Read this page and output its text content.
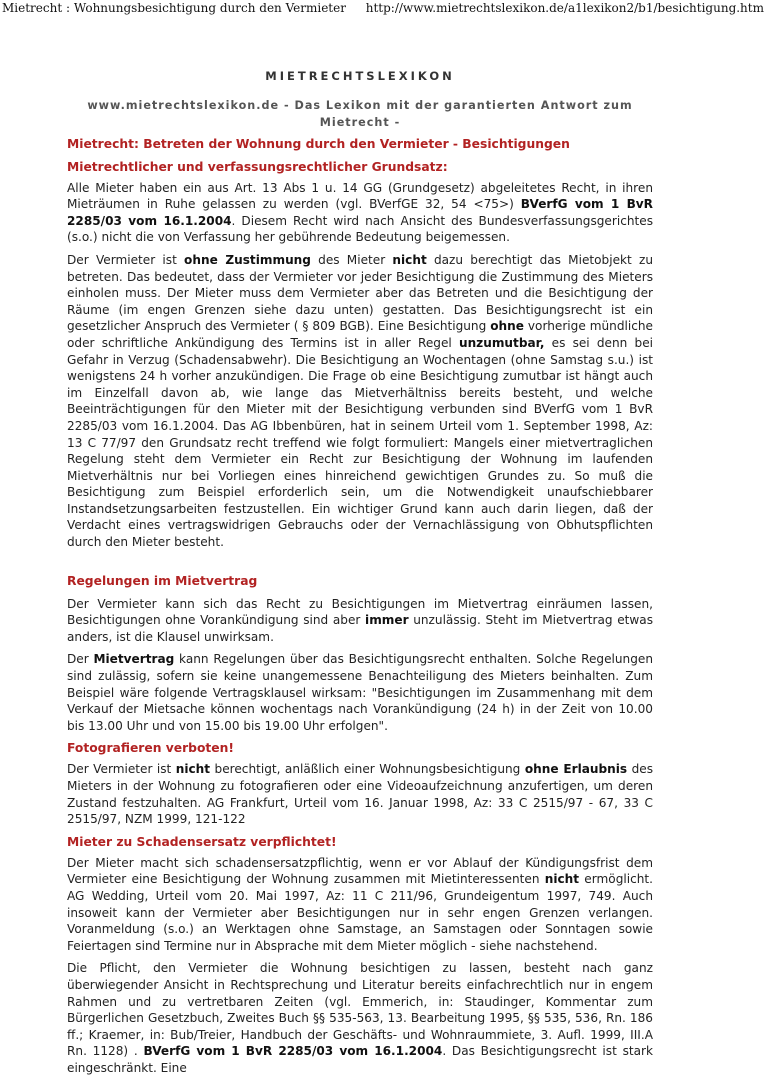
Mietrecht : Wohnungsbesichtigung durch den Vermieter http://www.mietrechtslexikon.de/a1lexikon2/b1/besichtigung.htm
MIETRECHTSLEXIKON
www.mietrechtslexikon.de - Das Lexikon mit der garantierten Antwort zum Mietrecht -
Mietrecht: Betreten der Wohnung durch den Vermieter - Besichtigungen
Mietrechtlicher und verfassungsrechtlicher Grundsatz:

Alle Mieter haben ein aus Art. 13 Abs 1 u. 14 GG (Grundgesetz) abgeleitetes Recht, in ihren Mieträumen in Ruhe gelassen zu werden (vgl. BVerfGE 32, 54 <75>) BVerfG vom 1 BvR 2285/03 vom 16.1.2004. Diesem Recht wird nach Ansicht des Bundesverfassungsgerichtes (s.o.) nicht die von Verfassung her gebührende Bedeutung beigemessen.

Der Vermieter ist ohne Zustimmung des Mieter nicht dazu berechtigt das Mietobjekt zu betreten. Das bedeutet, dass der Vermieter vor jeder Besichtigung die Zustimmung des Mieters einholen muss. Der Mieter muss dem Vermieter aber das Betreten und die Besichtigung der Räume (im engen Grenzen siehe dazu unten) gestatten. Das Besichtigungsrecht ist ein gesetzlicher Anspruch des Vermieter ( § 809 BGB). Eine Besichtigung ohne vorherige mündliche oder schriftliche Ankündigung des Termins ist in aller Regel unzumutbar, es sei denn bei Gefahr in Verzug (Schadensabwehr). Die Besichtigung an Wochentagen (ohne Samstag s.u.) ist wenigstens 24 h vorher anzukündigen. Die Frage ob eine Besichtigung zumutbar ist hängt auch im Einzelfall davon ab, wie lange das Mietverhältniss bereits besteht, und welche Beeinträchtigungen für den Mieter mit der Besichtigung verbunden sind BVerfG vom 1 BvR 2285/03 vom 16.1.2004. Das AG Ibbenbüren, hat in seinem Urteil vom 1. September 1998, Az: 13 C 77/97 den Grundsatz recht treffend wie folgt formuliert: Mangels einer mietvertraglichen Regelung steht dem Vermieter ein Recht zur Besichtigung der Wohnung im laufenden Mietverhältnis nur bei Vorliegen eines hinreichend gewichtigen Grundes zu. So muß die Besichtigung zum Beispiel erforderlich sein, um die Notwendigkeit unaufschiebbarer Instandsetzungsarbeiten festzustellen. Ein wichtiger Grund kann auch darin liegen, daß der Verdacht eines vertragswidrigen Gebrauchs oder der Vernachlässigung von Obhutspflichten durch den Mieter besteht.

Regelungen im Mietvertrag

Der Vermieter kann sich das Recht zu Besichtigungen im Mietvertrag einräumen lassen, Besichtigungen ohne Vorankündigung sind aber immer unzulässig. Steht im Mietvertrag etwas anders, ist die Klausel unwirksam.

Der Mietvertrag kann Regelungen über das Besichtigungsrecht enthalten. Solche Regelungen sind zulässig, sofern sie keine unangemessene Benachteiligung des Mieters beinhalten. Zum Beispiel wäre folgende Vertragsklausel wirksam: "Besichtigungen im Zusammenhang mit dem Verkauf der Mietsache können wochentags nach Vorankündigung (24 h) in der Zeit von 10.00 bis 13.00 Uhr und von 15.00 bis 19.00 Uhr erfolgen".

Fotografieren verboten!

Der Vermieter ist nicht berechtigt, anläßlich einer Wohnungsbesichtigung ohne Erlaubnis des Mieters in der Wohnung zu fotografieren oder eine Videoaufzeichnung anzufertigen, um deren Zustand festzuhalten. AG Frankfurt, Urteil vom 16. Januar 1998, Az: 33 C 2515/97 - 67, 33 C 2515/97, NZM 1999, 121-122

Mieter zu Schadensersatz verpflichtet!

Der Mieter macht sich schadensersatzpflichtig, wenn er vor Ablauf der Kündigungsfrist dem Vermieter eine Besichtigung der Wohnung zusammen mit Mietinteressenten nicht ermöglicht. AG Wedding, Urteil vom 20. Mai 1997, Az: 11 C 211/96, Grundeigentum 1997, 749. Auch insoweit kann der Vermieter aber Besichtigungen nur in sehr engen Grenzen verlangen. Voranmeldung (s.o.) an Werktagen ohne Samstage, an Samstagen oder Sonntagen sowie Feiertagen sind Termine nur in Absprache mit dem Mieter möglich - siehe nachstehend.

Die Pflicht, den Vermieter die Wohnung besichtigen zu lassen, besteht nach ganz überwiegender Ansicht in Rechtsprechung und Literatur bereits einfachrechtlich nur in engem Rahmen und zu vertretbaren Zeiten (vgl. Emmerich, in: Staudinger, Kommentar zum Bürgerlichen Gesetzbuch, Zweites Buch §§ 535-563, 13. Bearbeitung 1995, §§ 535, 536, Rn. 186 ff.; Kraemer, in: Bub/Treier, Handbuch der Geschäfts- und Wohnraummiete, 3. Aufl. 1999, III.A Rn. 1128) . BVerfG vom 1 BvR 2285/03 vom 16.1.2004. Das Besichtigungsrecht ist stark eingeschränkt. Eine
